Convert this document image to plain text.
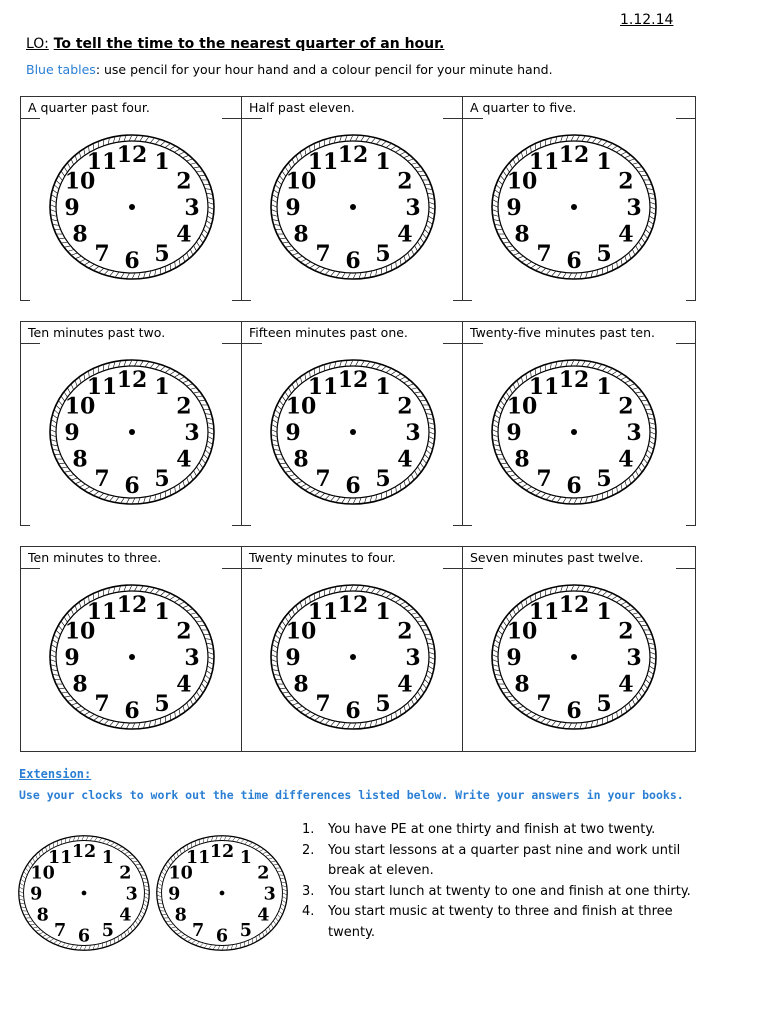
1.12.14
LO: To tell the time to the nearest quarter of an hour.
Blue tables: use pencil for your hour hand and a colour pencil for your minute hand.
A quarter past four.
12 1
2
3
4
5
6
7
8
9
10
11
Half past eleven.
12 1
2
3
4
5
6
7
8
9
10
11
A quarter to five.
12 1
2
3
4
5
6
7
8
9
10
11
Ten minutes past two.
12 1
2
3
4
5
6
7
8
9
10
11
Fifteen minutes past one.
12 1
2
3
4
5
6
7
8
9
10
11
Twenty-five minutes past ten.
12 1
2
3
4
5
6
7
8
9
10
11
Ten minutes to three.
12 1
2
3
4
5
6
7
8
9
10
11
Twenty minutes to four.
12 1
2
3
4
5
6
7
8
9
10
11
Seven minutes past twelve.
12 1
2
3
4
5
6
7
8
9
10
11
Extension:
Use your clocks to work out the time differences listed below. Write your answers in your books.
12 1
2
3
4
5
6
7
8
9
10
11	12 1
2
3
4
5
6
7
8
9
10
11
1. You have PE at one thirty and finish at two twenty.
2. You start lessons at a quarter past nine and work until break at eleven.
3. You start lunch at twenty to one and finish at one thirty.
4. You start music at twenty to three and finish at three twenty.
